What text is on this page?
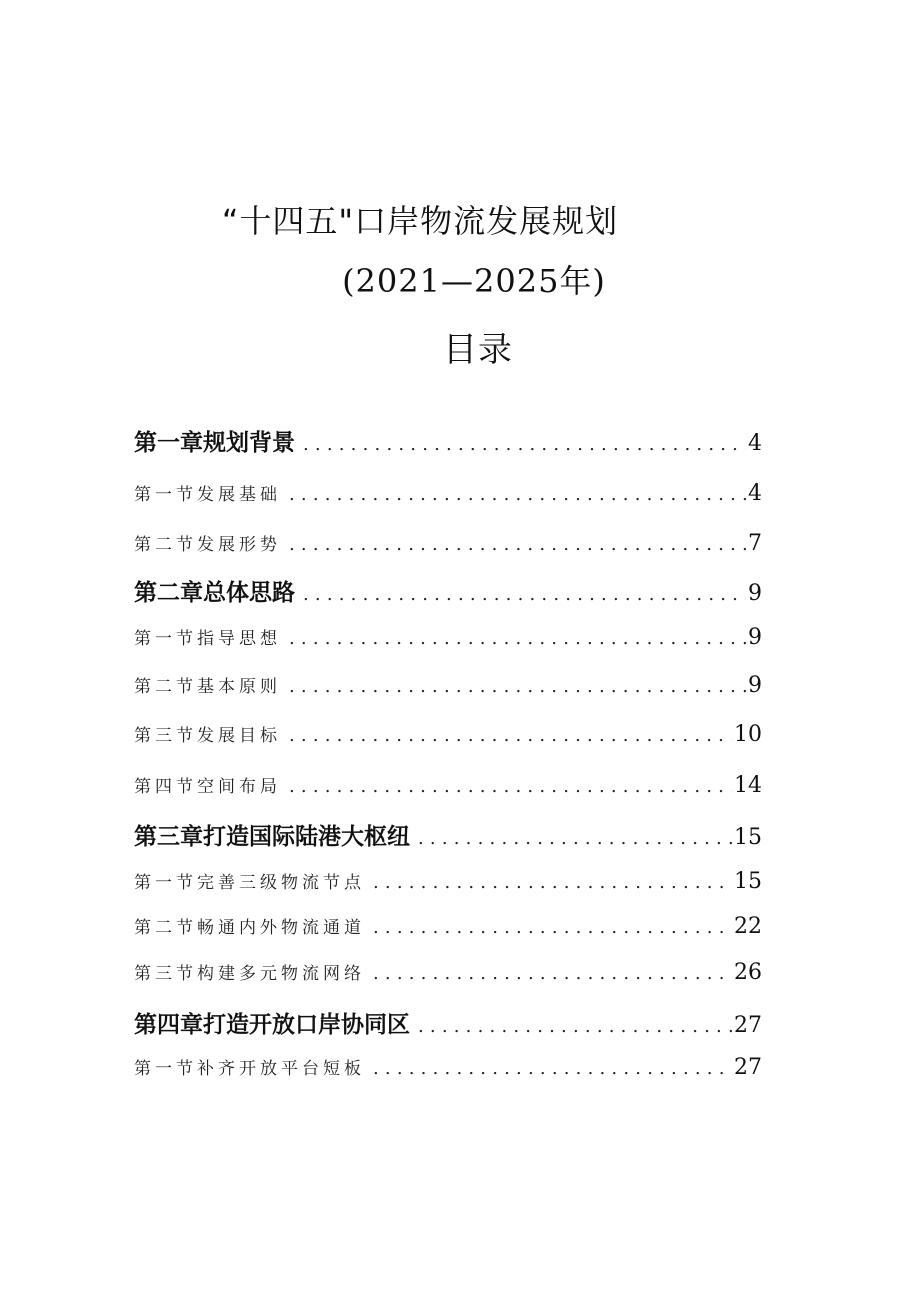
“十四五"口岸物流发展规划
(2021—2025年)
目录
第一章规划背景 .....	4
第一节发展基础 .....	4
第二节发展形势 .....	7
第二章总体思路 .....	9
第一节指导思想 .....	9
第二节基本原则 .....	9
第三节发展目标 .....	10
第四节空间布局 .....	14
第三章打造国际陆港大枢纽 .....	15
第一节完善三级物流节点 .....	15
第二节畅通内外物流通道 .....	22
第三节构建多元物流网络 .....	26
第四章打造开放口岸协同区 .....	27
第一节补齐开放平台短板 .....	27
